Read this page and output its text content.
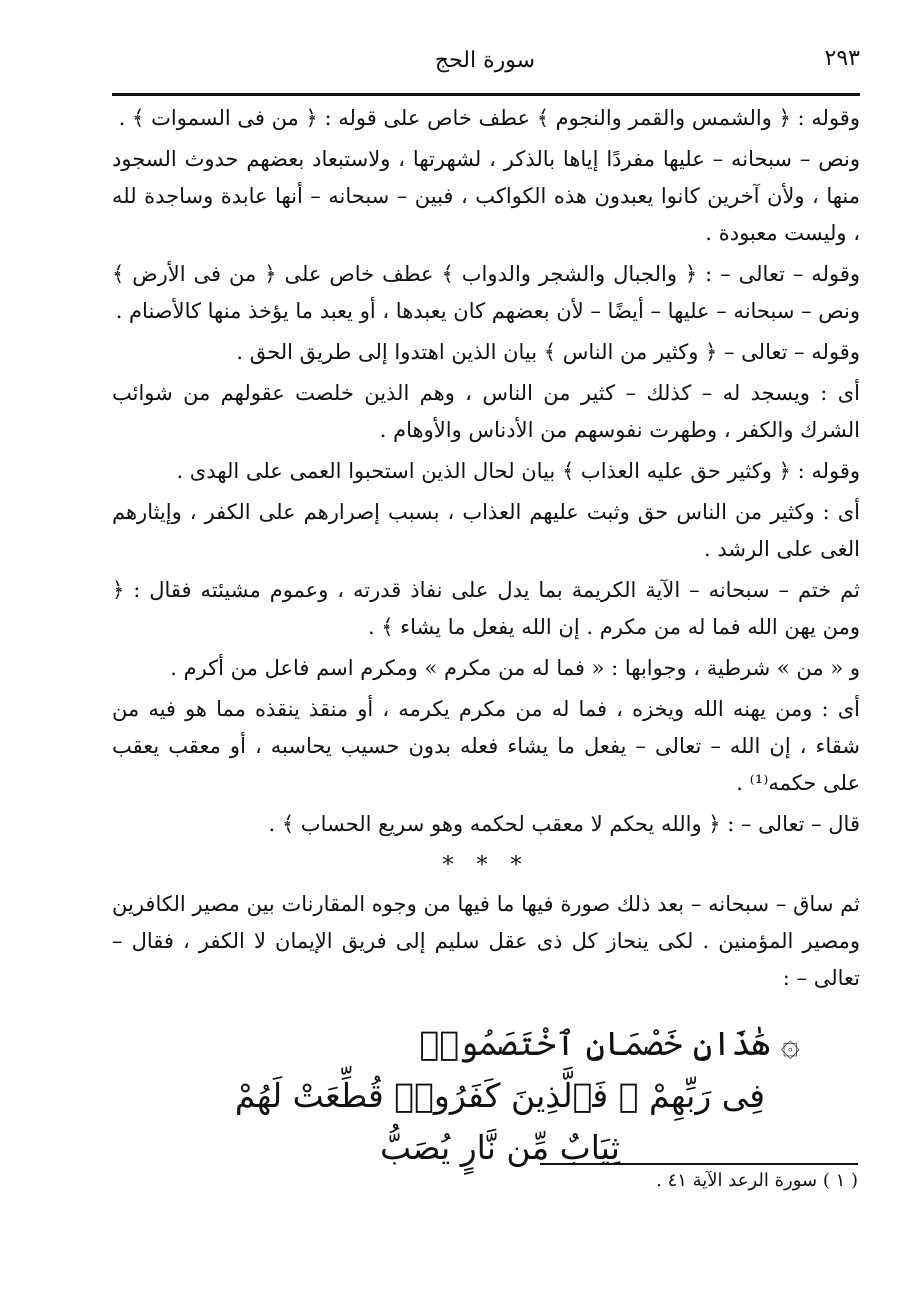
٢٩٣
سورة الحج

وقوله : ﴿ والشمس والقمر والنجوم ﴾ عطف خاص على قوله : ﴿ من فى السموات ﴾ .

ونص – سبحانه – عليها مفردًا إياها بالذكر ، لشهرتها ، ولاستبعاد بعضهم حدوث السجود منها ، ولأن آخرين كانوا يعبدون هذه الكواكب ، فبين – سبحانه – أنها عابدة وساجدة لله ، وليست معبودة .

وقوله – تعالى – : ﴿ والجبال والشجر والدواب ﴾ عطف خاص على ﴿ من فى الأرض ﴾ ونص – سبحانه – عليها – أيضًا – لأن بعضهم كان يعبدها ، أو يعبد ما يؤخذ منها كالأصنام .

وقوله – تعالى – ﴿ وكثير من الناس ﴾ بيان الذين اهتدوا إلى طريق الحق .

أى : ويسجد له – كذلك – كثير من الناس ، وهم الذين خلصت عقولهم من شوائب الشرك والكفر ، وطهرت نفوسهم من الأدناس والأوهام .

وقوله : ﴿ وكثير حق عليه العذاب ﴾ بيان لحال الذين استحبوا العمى على الهدى .

أى : وكثير من الناس حق وثبت عليهم العذاب ، بسبب إصرارهم على الكفر ، وإيثارهم الغى على الرشد .

ثم ختم – سبحانه – الآية الكريمة بما يدل على نفاذ قدرته ، وعموم مشيئته فقال : ﴿ ومن يهن الله فما له من مكرم . إن الله يفعل ما يشاء ﴾ .

و « من » شرطية ، وجوابها : « فما له من مكرم » ومكرم اسم فاعل من أكرم .

أى : ومن يهنه الله ويخزه ، فما له من مكرم يكرمه ، أو منقذ ينقذه مما هو فيه من شقاء ، إن الله – تعالى – يفعل ما يشاء فعله بدون حسيب يحاسبه ، أو معقب يعقب على حكمه⁽¹⁾ .

قال – تعالى – : ﴿ والله يحكم لا معقب لحكمه وهو سريع الحساب ﴾ .

* * *

ثم ساق – سبحانه – بعد ذلك صورة فيها ما فيها من وجوه المقارنات بين مصير الكافرين ومصير المؤمنين . لكى ينحاز كل ذى عقل سليم إلى فريق الإيمان لا الكفر ، فقال – تعالى – :

۞ هَٰذَانِ خَصْمَانِ ٱخْتَصَمُوا۟
فِى رَبِّهِمْ ۖ فَٱلَّذِينَ كَفَرُوا۟ قُطِّعَتْ لَهُمْ ثِيَابٌ مِّن نَّارٍ يُصَبُّ
( ١ ) سورة الرعد الآية ٤١ .
